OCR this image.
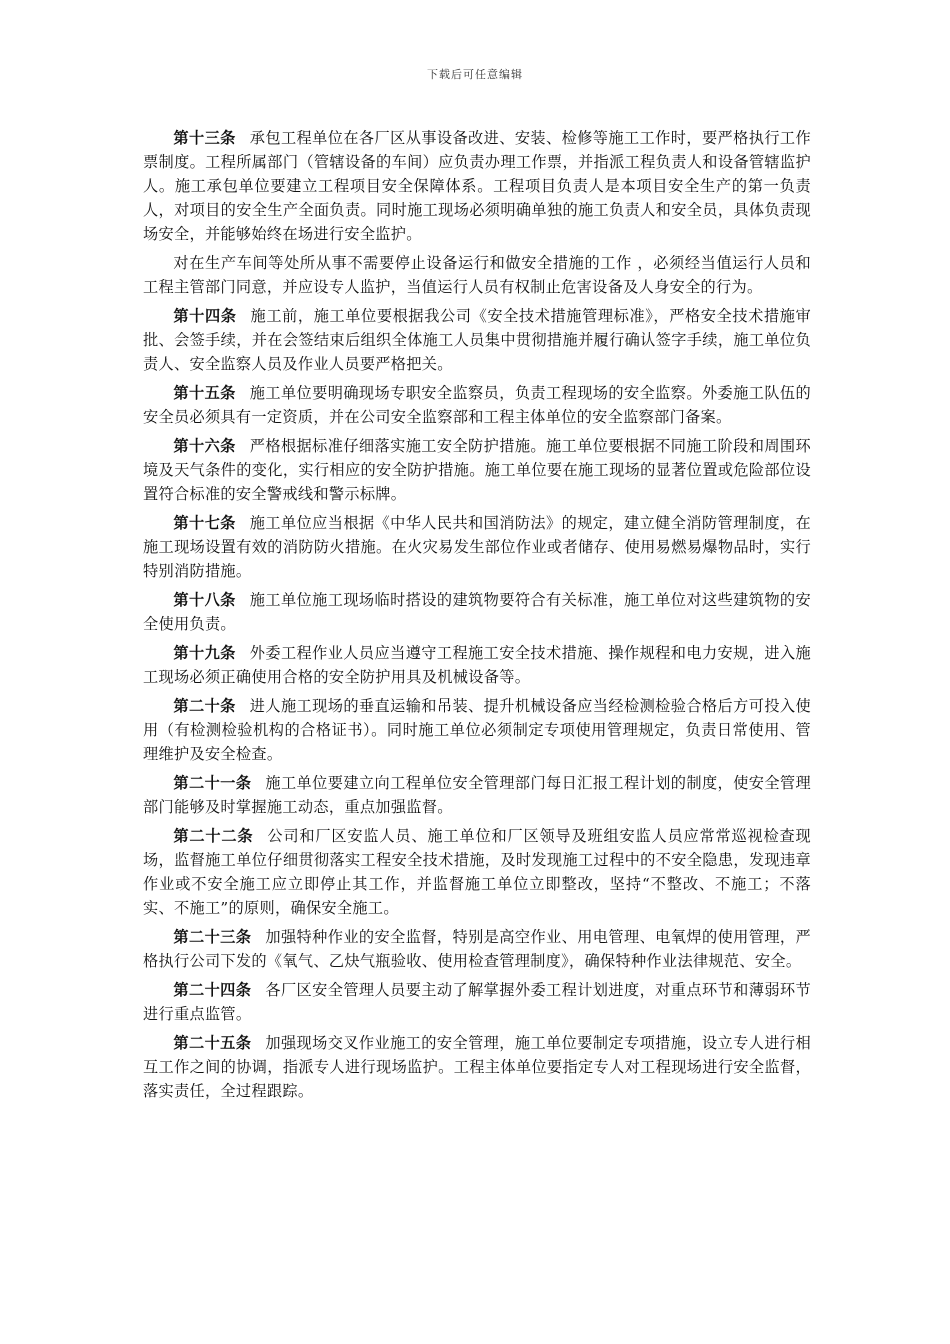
下载后可任意编辑

第十三条 承包工程单位在各厂区从事设备改进、安装、检修等施工工作时，要严格执行工作票制度。工程所属部门（管辖设备的车间）应负责办理工作票，并指派工程负责人和设备管辖监护人。施工承包单位要建立工程项目安全保障体系。工程项目负责人是本项目安全生产的第一负责人，对项目的安全生产全面负责。同时施工现场必须明确单独的施工负责人和安全员，具体负责现场安全，并能够始终在场进行安全监护。

对在生产车间等处所从事不需要停止设备运行和做安全措施的工作 ，必须经当值运行人员和工程主管部门同意，并应设专人监护，当值运行人员有权制止危害设备及人身安全的行为。

第十四条 施工前，施工单位要根据我公司《安全技术措施管理标准》，严格安全技术措施审批、会签手续，并在会签结束后组织全体施工人员集中贯彻措施并履行确认签字手续，施工单位负责人、安全监察人员及作业人员要严格把关。

第十五条 施工单位要明确现场专职安全监察员，负责工程现场的安全监察。外委施工队伍的安全员必须具有一定资质，并在公司安全监察部和工程主体单位的安全监察部门备案。

第十六条 严格根据标准仔细落实施工安全防护措施。施工单位要根据不同施工阶段和周围环境及天气条件的变化，实行相应的安全防护措施。施工单位要在施工现场的显著位置或危险部位设置符合标准的安全警戒线和警示标牌。

第十七条 施工单位应当根据《中华人民共和国消防法》的规定，建立健全消防管理制度，在施工现场设置有效的消防防火措施。在火灾易发生部位作业或者储存、使用易燃易爆物品时，实行特别消防措施。

第十八条 施工单位施工现场临时搭设的建筑物要符合有关标准，施工单位对这些建筑物的安全使用负责。

第十九条 外委工程作业人员应当遵守工程施工安全技术措施、操作规程和电力安规，进入施工现场必须正确使用合格的安全防护用具及机械设备等。

第二十条 进人施工现场的垂直运输和吊装、提升机械设备应当经检测检验合格后方可投入使用（有检测检验机构的合格证书）。同时施工单位必须制定专项使用管理规定，负责日常使用、管理维护及安全检查。

第二十一条 施工单位要建立向工程单位安全管理部门每日汇报工程计划的制度，使安全管理部门能够及时掌握施工动态，重点加强监督。

第二十二条 公司和厂区安监人员、施工单位和厂区领导及班组安监人员应常常巡视检查现场，监督施工单位仔细贯彻落实工程安全技术措施，及时发现施工过程中的不安全隐患，发现违章作业或不安全施工应立即停止其工作，并监督施工单位立即整改，坚持“不整改、不施工；不落实、不施工”的原则，确保安全施工。

第二十三条 加强特种作业的安全监督，特别是高空作业、用电管理、电氧焊的使用管理，严格执行公司下发的《氧气、乙炔气瓶验收、使用检查管理制度》，确保特种作业法律规范、安全。

第二十四条 各厂区安全管理人员要主动了解掌握外委工程计划进度，对重点环节和薄弱环节进行重点监管。

第二十五条 加强现场交叉作业施工的安全管理，施工单位要制定专项措施，设立专人进行相互工作之间的协调，指派专人进行现场监护。工程主体单位要指定专人对工程现场进行安全监督，落实责任，全过程跟踪。
